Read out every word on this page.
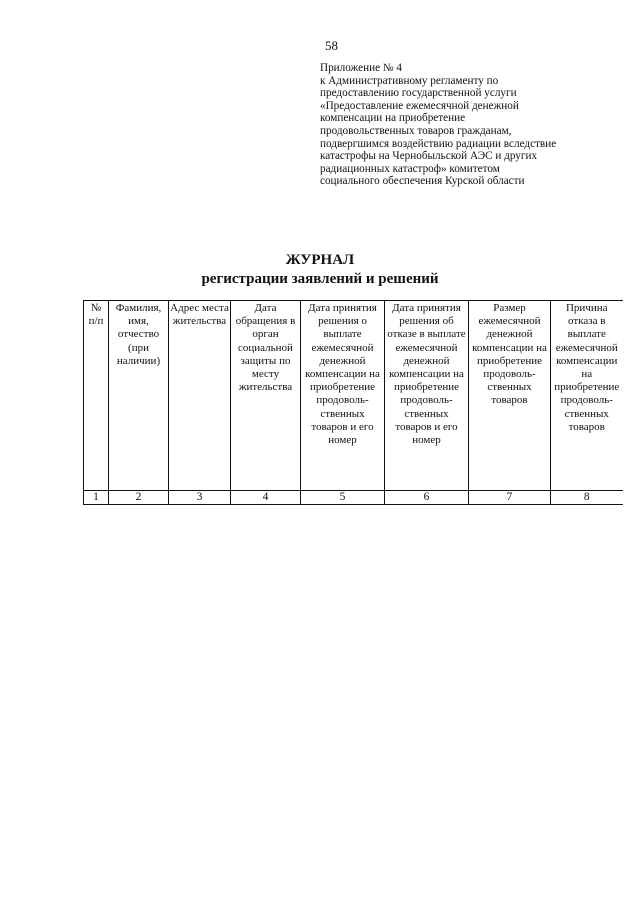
58
Приложение № 4
к Административному регламенту по
предоставлению государственной услуги
«Предоставление ежемесячной денежной
компенсации на приобретение
продовольственных товаров гражданам,
подвергшимся воздействию радиации вследствие
катастрофы на Чернобыльской АЭС и других
радиационных катастроф» комитетом
социального обеспечения Курской области
ЖУРНАЛ
регистрации заявлений и решений
№ п/п	Фамилия, имя, отчество (при наличии)	Адрес места жительства	Дата обращения в орган социальной защиты по месту жительства	Дата принятия решения о выплате ежемесячной денежной компенсации на приобретение продоволь-ственных товаров и его номер	Дата принятия решения об отказе в выплате ежемесячной денежной компенсации на приобретение продоволь-ственных товаров и его номер	Размер ежемесячной денежной компенсации на приобретение продоволь-ственных товаров	Причина отказа в выплате ежемесячной компенсации на приобретение продоволь-ственных товаров
1	2	3	4	5	6	7	8
